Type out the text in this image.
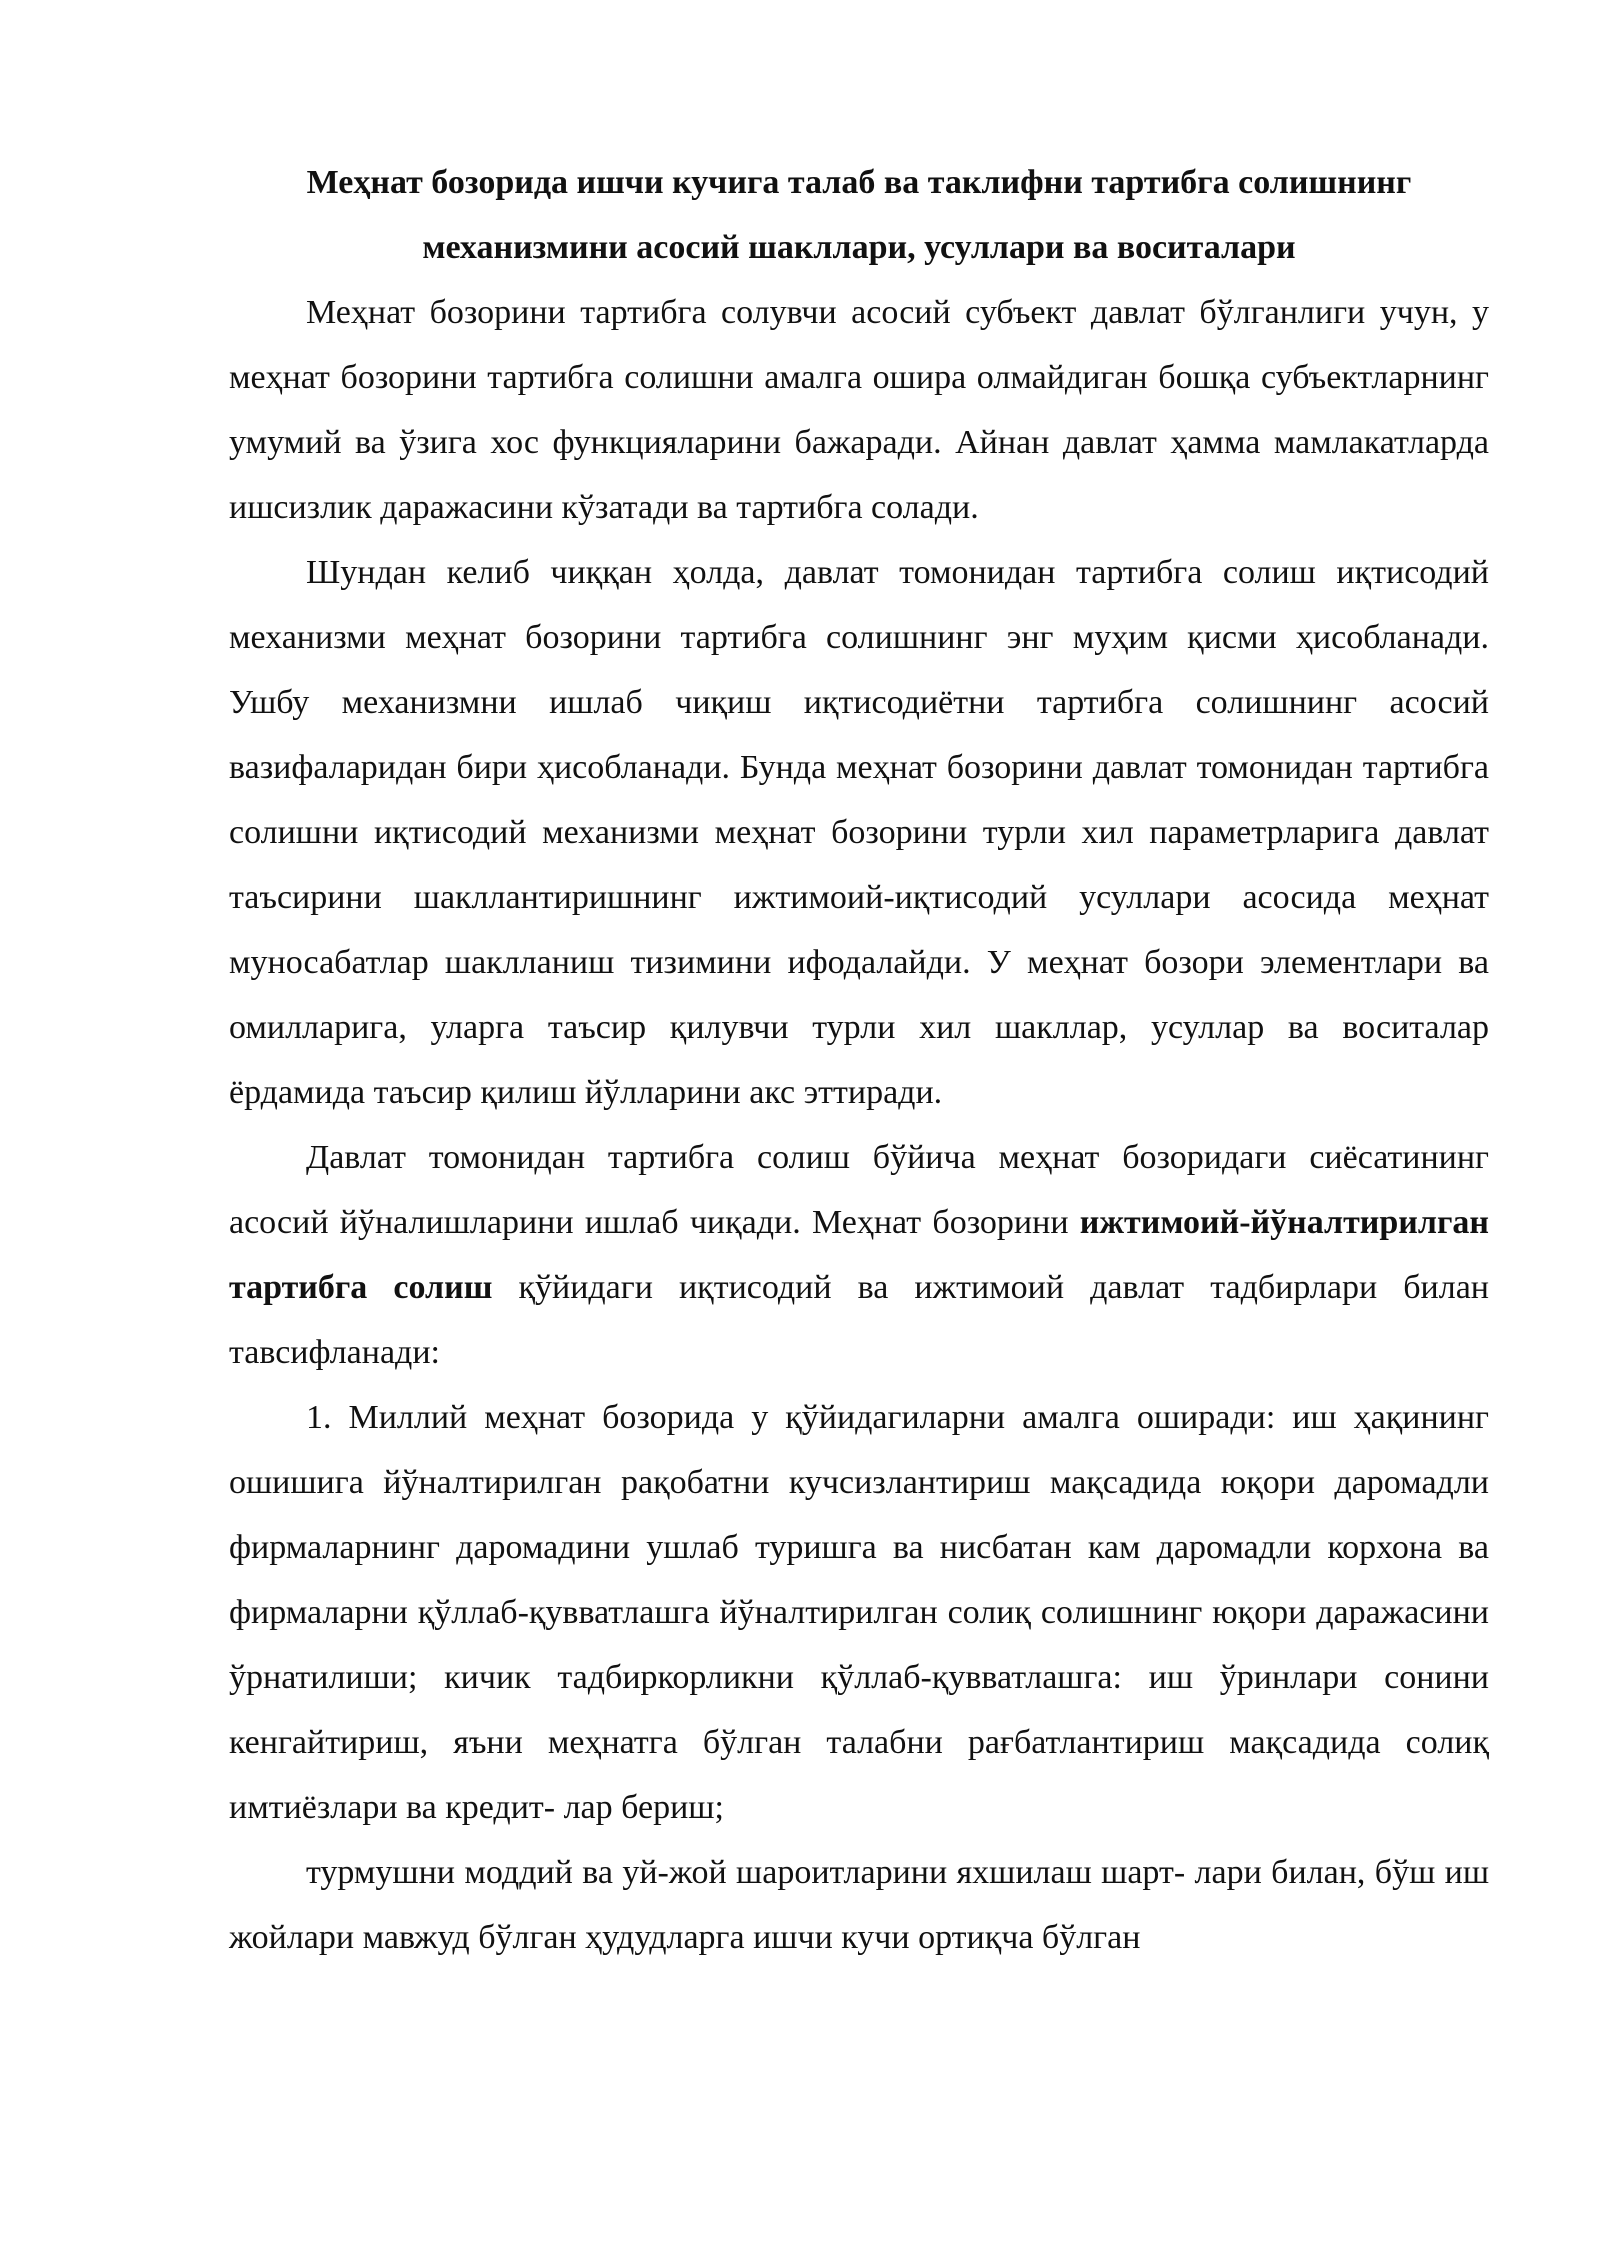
Меҳнат бозорида ишчи кучига талаб ва таклифни тартибга солишнинг механизмини асосий шакллари, усуллари ва воситалари

Меҳнат бозорини тартибга солувчи асосий субъект давлат бўлганлиги учун, у меҳнат бозорини тартибга солишни амалга ошира олмайдиган бошқа субъектларнинг умумий ва ўзига хос функцияларини бажаради. Айнан давлат ҳамма мамлакатларда ишсизлик даражасини кўзатади ва тартибга солади.

Шундан келиб чиққан ҳолда, давлат томонидан тартибга солиш иқтисодий механизми меҳнат бозорини тартибга солишнинг энг муҳим қисми ҳисобланади. Ушбу механизмни ишлаб чиқиш иқтисодиётни тартибга солишнинг асосий вазифаларидан бири ҳисобланади. Бунда меҳнат бозорини давлат томонидан тартибга солишни иқтисодий механизми меҳнат бозорини турли хил параметрларига давлат таъсирини шакллантиришнинг ижтимоий-иқтисодий усуллари асосида меҳнат муносабатлар шаклланиш тизимини ифодалайди. У меҳнат бозори элементлари ва омилларига, уларга таъсир қилувчи турли хил шакллар, усуллар ва воситалар ёрдамида таъсир қилиш йўлларини акс эттиради.

Давлат томонидан тартибга солиш бўйича меҳнат бозоридаги сиёсатининг асосий йўналишларини ишлаб чиқади. Меҳнат бозорини ижтимоий-йўналтирилган тартибга солиш қўйидаги иқтисодий ва ижтимоий давлат тадбирлари билан тавсифланади:

1. Миллий меҳнат бозорида у қўйидагиларни амалга оширади: иш ҳақининг ошишига йўналтирилган рақобатни кучсизлантириш мақсадида юқори даромадли фирмаларнинг даромадини ушлаб туришга ва нисбатан кам даромадли корхона ва фирмаларни қўллаб-қувватлашга йўналтирилган солиқ солишнинг юқори даражасини ўрнатилиши; кичик тадбиркорликни қўллаб-қувватлашга: иш ўринлари сонини кенгайтириш, яъни меҳнатга бўлган талабни рағбатлантириш мақсадида солиқ имтиёзлари ва кредит- лар бериш;

турмушни моддий ва уй-жой шароитларини яхшилаш шарт- лари билан, бўш иш жойлари мавжуд бўлган ҳудудларга ишчи кучи ортиқча бўлган
